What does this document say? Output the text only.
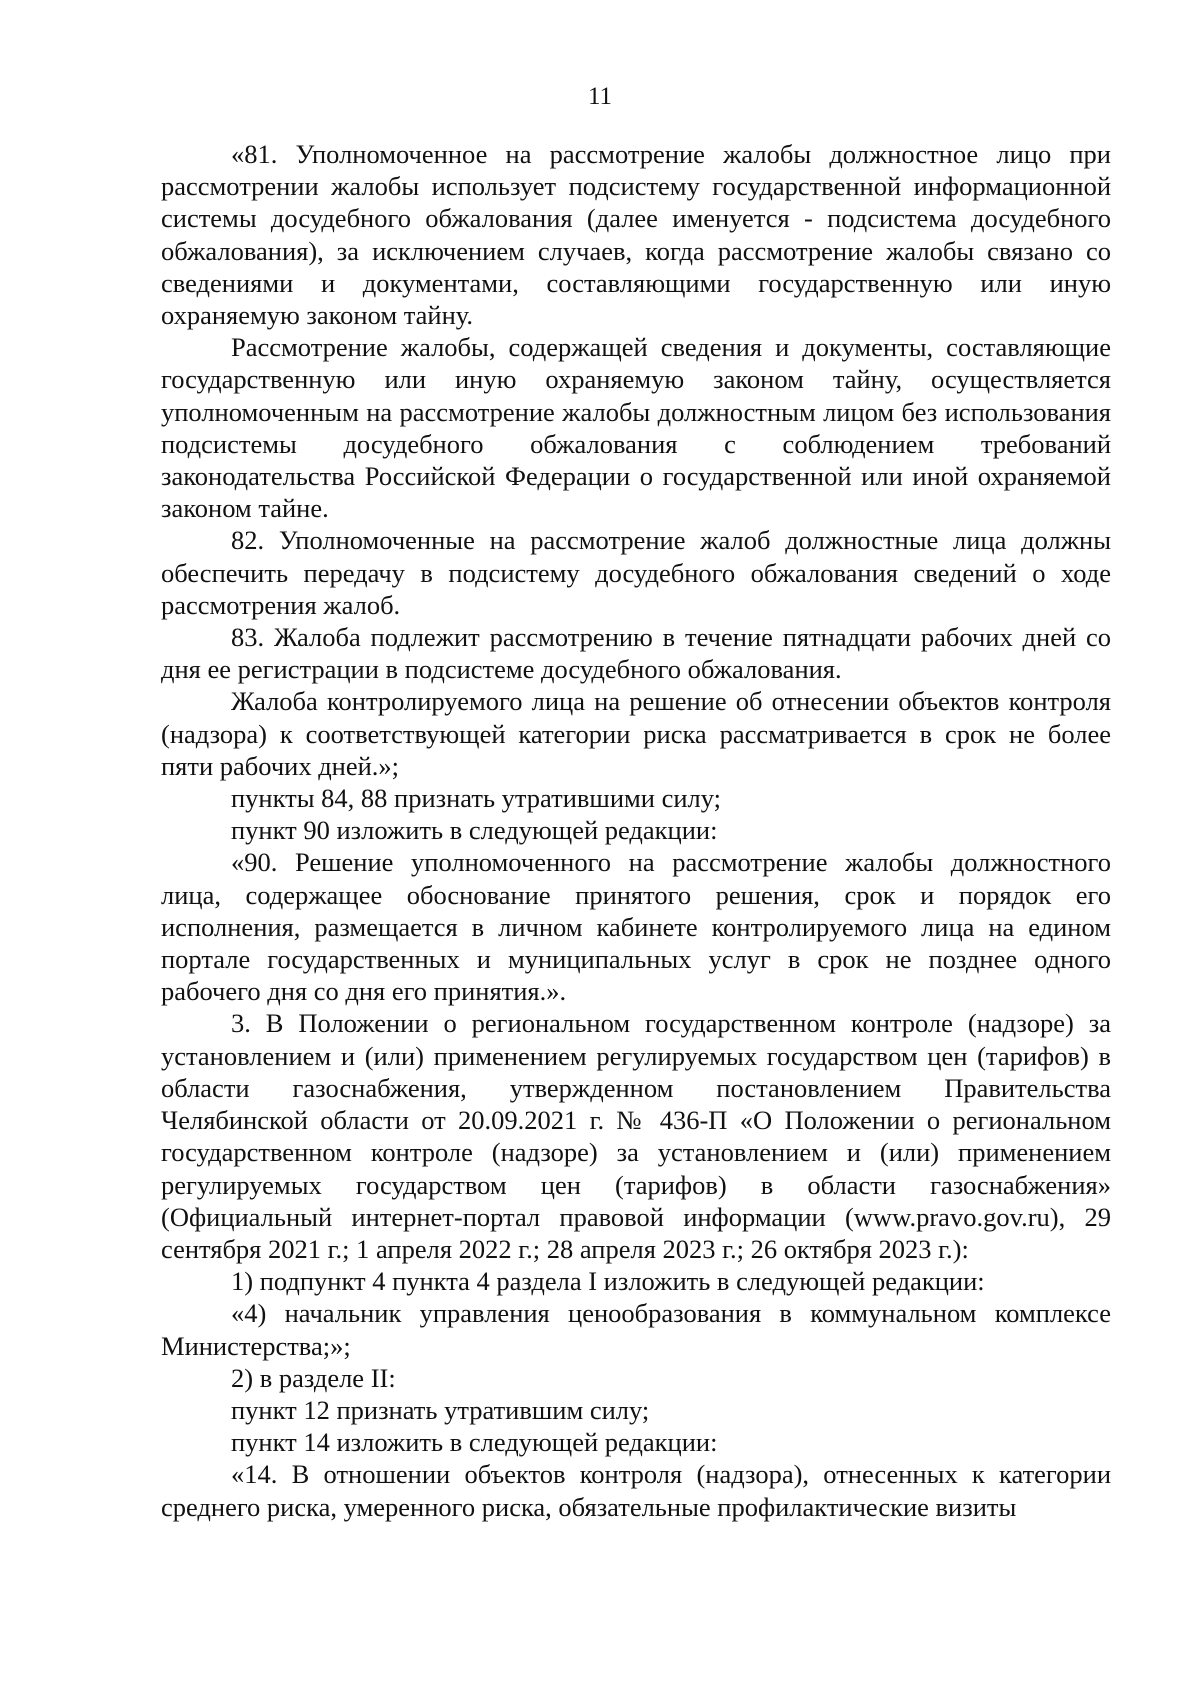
11

«81. Уполномоченное на рассмотрение жалобы должностное лицо при рассмотрении жалобы использует подсистему государственной информационной системы досудебного обжалования (далее именуется - подсистема досудебного обжалования), за исключением случаев, когда рассмотрение жалобы связано со сведениями и документами, составляющими государственную или иную охраняемую законом тайну.

Рассмотрение жалобы, содержащей сведения и документы, составляющие государственную или иную охраняемую законом тайну, осуществляется уполномоченным на рассмотрение жалобы должностным лицом без использования подсистемы досудебного обжалования с соблюдением требований законодательства Российской Федерации о государственной или иной охраняемой законом тайне.

82. Уполномоченные на рассмотрение жалоб должностные лица должны обеспечить передачу в подсистему досудебного обжалования сведений о ходе рассмотрения жалоб.

83. Жалоба подлежит рассмотрению в течение пятнадцати рабочих дней со дня ее регистрации в подсистеме досудебного обжалования.

Жалоба контролируемого лица на решение об отнесении объектов контроля (надзора) к соответствующей категории риска рассматривается в срок не более пяти рабочих дней.»;

пункты 84, 88 признать утратившими силу;

пункт 90 изложить в следующей редакции:

«90. Решение уполномоченного на рассмотрение жалобы должностного лица, содержащее обоснование принятого решения, срок и порядок его исполнения, размещается в личном кабинете контролируемого лица на едином портале государственных и муниципальных услуг в срок не позднее одного рабочего дня со дня его принятия.».

3. В Положении о региональном государственном контроле (надзоре) за установлением и (или) применением регулируемых государством цен (тарифов) в области газоснабжения, утвержденном постановлением Правительства Челябинской области от 20.09.2021 г. № 436-П «О Положении о региональном государственном контроле (надзоре) за установлением и (или) применением регулируемых государством цен (тарифов) в области газоснабжения» (Официальный интернет-портал правовой информации (www.pravo.gov.ru), 29 сентября 2021 г.; 1 апреля 2022 г.; 28 апреля 2023 г.; 26 октября 2023 г.):

1) подпункт 4 пункта 4 раздела I изложить в следующей редакции:

«4) начальник управления ценообразования в коммунальном комплексе Министерства;»;

2) в разделе II:

пункт 12 признать утратившим силу;

пункт 14 изложить в следующей редакции:

«14. В отношении объектов контроля (надзора), отнесенных к категории среднего риска, умеренного риска, обязательные профилактические визиты
